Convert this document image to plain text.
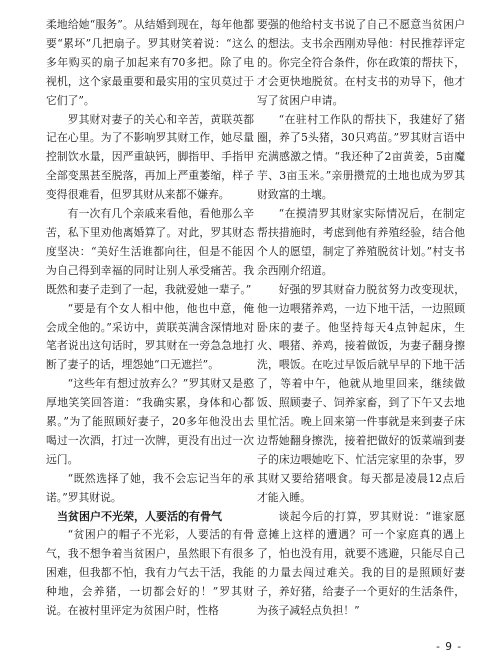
柔地给她“服务”。从结婚到现在，每年他都要“累坏”几把扇子。罗其财笑着说：“这么多年购买的扇子加起来有70多把。除了电视机，这个家最重要和最实用的宝贝莫过于它们了”。

罗其财对妻子的关心和辛苦，黄联英都记在心里。为了不影响罗其财工作，她尽量控制饮水量，因严重缺钙，脚指甲、手指甲全部变黑甚至脱落，再加上严重萎缩，样子变得很难看，但罗其财从来都不嫌弃。

有一次有几个亲戚来看他，看他那么辛苦，私下里劝他离婚算了。对此，罗其财态度坚决：“美好生活谁都向往，但是不能因为自己得到幸福的同时让别人承受痛苦。我既然和妻子走到了一起，我就爱她一辈子。”

“要是有个女人相中他，他也中意，俺会成全他的。”采访中，黄联英满含深情地对笔者说出这句话时，罗其财在一旁急急地打断了妻子的话，埋怨她“口无遮拦”。

“这些年有想过放弃么？”罗其财又是憨厚地笑笑回答道：“我确实累，身体和心都累。”为了能照顾好妻子，20多年他没出去喝过一次酒，打过一次牌，更没有出过一次远门。

“既然选择了她，我不会忘记当年的承诺。”罗其财说。

当贫困户不光荣，人要活的有骨气

“贫困户的帽子不光彩，人要活的有骨气，我不想争着当贫困户，虽然眼下有很多困难，但我都不怕，我有力气去干活，我能种地，会养猪，一切都会好的！”罗其财说。在被村里评定为贫困户时，性格

要强的他给村支书说了自己不愿意当贫困户的想法。支书余西刚劝导他：村民推荐评定的。你完全符合条件，你在政策的帮扶下，才会更快地脱贫。在村支书的劝导下，他才写了贫困户申请。

“在驻村工作队的帮扶下，我建好了猪圈，养了5头猪，30只鸡苗。”罗其财言语中充满感激之情。“我还种了2亩黄姜，5亩魔芋、3亩玉米。”亲册攒荒的土地也成为罗其财致富的土壤。

“在摸清罗其财家实际情况后，在制定帮扶措施时，考虑到他有养殖经验，结合他个人的愿望，制定了养殖脱贫计划。”村支书余西刚介绍道。

好强的罗其财奋力脱贫努力改变现状，他一边喂猪养鸡，一边下地干活，一边照顾卧床的妻子。他坚持每天4点钟起床，生火、喂猪、养鸡，接着做饭，为妻子翻身擦洗，喂饭。在吃过早饭后就早早的下地干活了，等着中午，他就从地里回来，继续做饭、照顾妻子、饲养家畜，到了下午又去地里忙活。晚上回来第一件事就是来到妻子床边帮她翻身擦洗，接着把做好的饭菜端到妻子的床边喂她吃下、忙活完家里的杂事，罗其财又要给猪喂食。每天都是凌晨12点后才能入睡。

谈起今后的打算，罗其财说：“谁家愿意摊上这样的遭遇？可一个家庭真的遇上了，怕也没有用，就要不逃避，只能尽自己的力量去闯过难关。我的目的是照顾好妻子，养好猪，给妻子一个更好的生活条件，为孩子减轻点负担！”

- 9 -
